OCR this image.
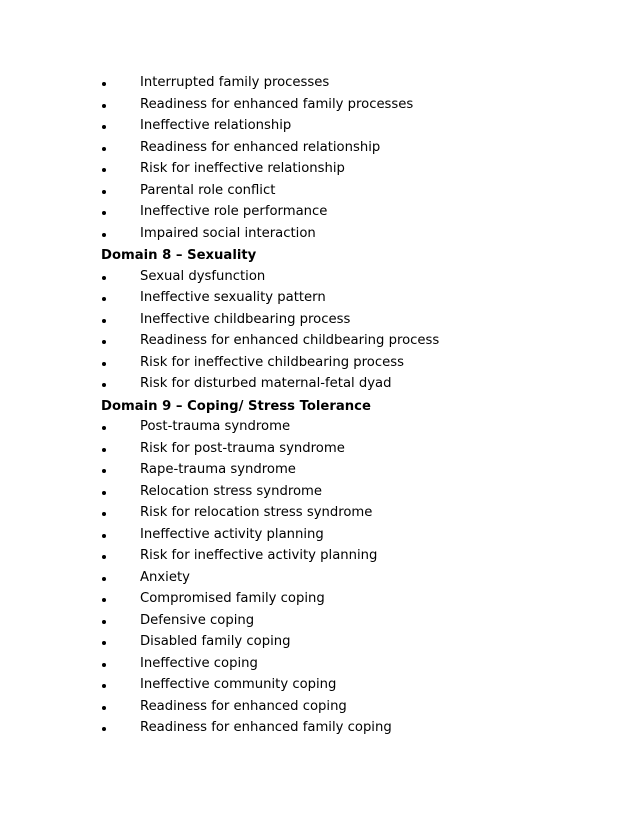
Interrupted family processes
Readiness for enhanced family processes
Ineffective relationship
Readiness for enhanced relationship
Risk for ineffective relationship
Parental role conflict
Ineffective role performance
Impaired social interaction
Domain 8 – Sexuality
Sexual dysfunction
Ineffective sexuality pattern
Ineffective childbearing process
Readiness for enhanced childbearing process
Risk for ineffective childbearing process
Risk for disturbed maternal-fetal dyad
Domain 9 – Coping/ Stress Tolerance
Post-trauma syndrome
Risk for post-trauma syndrome
Rape-trauma syndrome
Relocation stress syndrome
Risk for relocation stress syndrome
Ineffective activity planning
Risk for ineffective activity planning
Anxiety
Compromised family coping
Defensive coping
Disabled family coping
Ineffective coping
Ineffective community coping
Readiness for enhanced coping
Readiness for enhanced family coping
